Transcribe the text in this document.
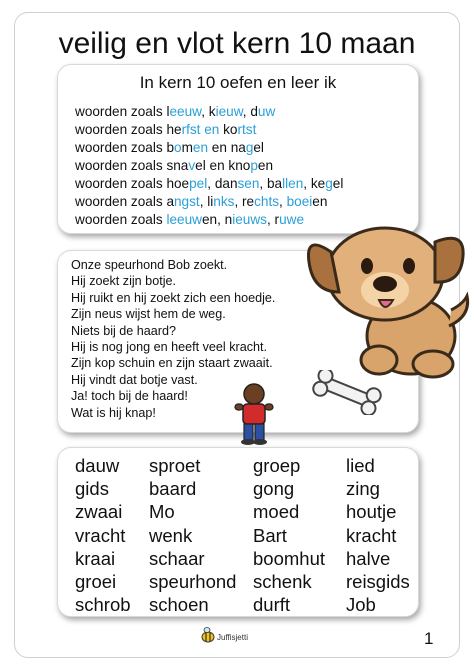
veilig en vlot kern 10 maan
In kern 10 oefen en leer ik
woorden zoals leeuw, kieuw, duw
woorden zoals herfst en kortst
woorden zoals bomen en nagel
woorden zoals snavel en knopen
woorden zoals hoepel, dansen, ballen, kegel
woorden zoals angst, links, rechts, boeien
woorden zoals leeuwen, nieuws, ruwe
Onze speurhond Bob zoekt.
Hij zoekt zijn botje.
Hij ruikt en hij zoekt zich een hoedje.
Zijn neus wijst hem de weg.
Niets bij de haard?
Hij is nog jong en heeft veel kracht.
Zijn kop schuin en zijn staart zwaait.
Hij vindt dat botje vast.
Ja! toch bij de haard!
Wat is hij knap!
dauw sproet	groep lied
gids baard	gong	zing
zwaai Mo	moed	houtje
vracht wenk	Bart	kracht
kraai schaar	boomhut halve
groei speurhond schenk reisgids
schrob schoen durft	Job
Juffisjetti	1
